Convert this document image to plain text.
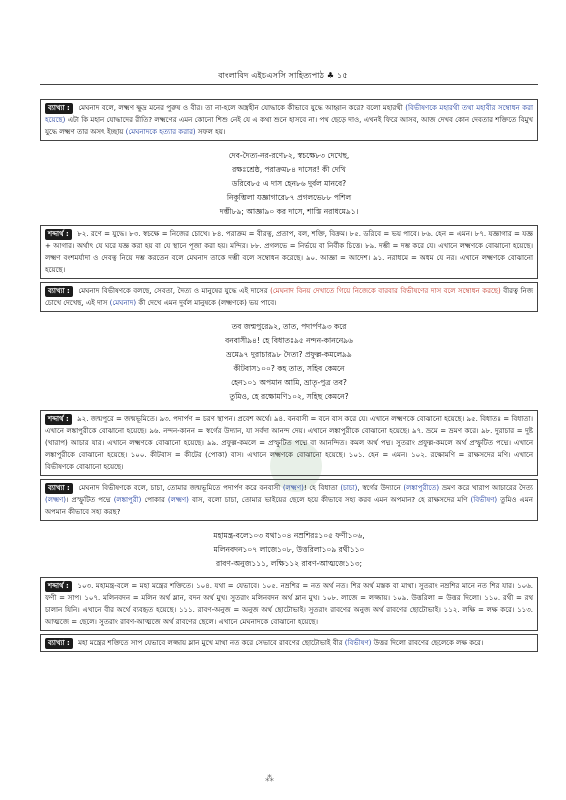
বাংলাবিদ এইচএসসি সাহিত্যপাঠ ♣ ১৫
ব্যাখ্যা : মেঘনাদ বলে, লক্ষ্মণ ক্ষুদ্র মনের পুরুষ ও বীর। তা না-হলে অস্ত্রহীন যোদ্ধাকে কীভাবে যুদ্ধে আহ্বান করে? বলো মহারথী (বিভীষণকে মহারথী তথা মহাবীর সম্বোধন করা হয়েছে) এটা কি মহান যোদ্ধাদের রীতি? লক্ষ্মণের এমন কোনো শিশু নেই যে এ কথা শুনে হাসবে না। পথ ছেড়ে দাও, এখনই ফিরে আসব, আজ দেখব কোন দেবতার শক্তিতে বিমুখ যুদ্ধে লক্ষ্মণ তার অসৎ ইচ্ছায় (মেঘনাদকে হত্যার করার) সফল হয়।
দেব-দৈত্য-নর-রণে৮২, স্বচক্ষে৮৩ দেখেছ,
রক্ষঃশ্রেষ্ঠ, পরাক্রম৮৪ দাসের! কী দেখি
ডরিবে৮৫ এ দাস হেন৮৬ দুর্বল মানবে?
নিকুম্ভিলা যজ্ঞাগারে৮৭ প্রগলভে৮৮ পশিল
দম্ভী৮৯; আজ্ঞা৯০ কর দাসে, শাস্তি নরাধমে৯১।
শব্দার্থ : ৮২. রণে = যুদ্ধে। ৮৩. স্বচক্ষে = নিজের চোখে। ৮৪. পরাক্রম = বীরত্ব, প্রতাপ, বল, শক্তি, বিক্রম। ৮৫. ডরিবে = ভয় পাবে। ৮৬. হেন = এমন। ৮৭. যজ্ঞাগার = যজ্ঞ + আগার। অর্থাৎ যে ঘরে যজ্ঞ করা হয় বা যে স্থানে পূজা করা হয়। মন্দির। ৮৮. প্রগলভে = নির্ভয়ে বা নির্বীক চিত্তে। ৮৯. দম্ভী = দম্ভ করে যে। এখানে লক্ষ্মণকে বোঝানো হয়েছে। লক্ষ্মণ বংশমর্যাদা ও দেবত্ব নিয়ে দম্ভ করতেন বলে মেঘনাদ তাকে দম্ভী বলে সম্বোধন করেছে। ৯০. আজ্ঞা = আদেশ। ৯১. নরাধমে = অধম যে নর। এখানে লক্ষ্মণকে বোঝানো হয়েছে।
ব্যাখ্যা : মেঘনাদ বিভীষণকে বলছে, সেবতা, দৈত্য ও মানুষের যুদ্ধে এই দাসের (মেঘনাদ বিনয় দেখাতে গিয়ে নিজেকে বারবার বিভীষণের দাস বলে সম্বোধন করছে) বীরত্ব নিজ চোখে দেখেছ, এই দাস (মেঘনাদ) কী দেখে এমন দুর্বল মানুষকে (লক্ষ্মণকে) ভয় পাবে।
তব জন্মপুরে৯২, তাত, পদার্পণ৯৩ করে
বনবাসী৯৪! হে বিধাতঃ৯৫ নন্দন-কাননে৯৬
ভ্রমে৯৭ দুরাচার৯৮ দৈত্য? প্রফুল্ল-কমলে৯৯
কীটবাস১০০? কহ তাত, সহিব কেমনে
হেন১০১ অপমান আমি, ভ্রাতৃ-পুত্র তব?
তুমিও, হে রক্ষোমণি১০২, সহিছ কেমনে?
শব্দার্থ : ৯২. জন্মপুরে = জন্মভূমিতে। ৯৩. পদার্পণ = চরণ স্থাপন। প্রবেশ অর্থে। ৯৪. বনবাসী = বনে বাস করে যে। এখানে লক্ষ্মণকে বোঝানো হয়েছে। ৯৫. বিধাতঃ = বিধাতা। এখানে লঙ্কাপুরীকে বোঝানো হয়েছে। ৯৬. নন্দন-কানন = স্বর্গের উদ্যান, যা সর্বদা আনন্দ দেয়। এখানে লঙ্কাপুরীকে বোঝানো হয়েছে। ৯৭. ভ্রমে = ভ্রমণ করে। ৯৮. দুরাচার = দুষ্ট (খারাপ) আচার যার। এখানে লক্ষ্মণকে বোঝানো হয়েছে। ৯৯. প্রফুল্ল-কমলে = প্রস্ফুটিত পদ্মে বা আনন্দিত। কমল অর্থ পদ্ম। সুতরাং প্রফুল্ল-কমলে অর্থ প্রস্ফুটিত পদ্মে। এখানে লঙ্কাপুরীকে বোঝানো হয়েছে। ১০০. কীটবাস = কীটের (পোকা) বাস। এখানে লক্ষ্মণকে বোঝানো হয়েছে। ১০১. হেন = এমন। ১০২. রক্ষোমণি = রাক্ষসদের মণি। এখানে বিভীষণকে বোঝানো হয়েছে।
ব্যাখ্যা : মেঘনাদ বিভীষণকে বলে, চাচা, তোমার জন্মভূমিতে পদার্পণ করে বনবাসী (লক্ষ্মণ)! হে বিধাতা (চাচা), স্বর্গের উদ্যানে (লঙ্কাপুরীতে) ভ্রমণ করে খারাপ আচারের দৈত্য (লক্ষ্মণ)। প্রস্ফুটিত পদ্মে (লঙ্কাপুরী) পোকার (লক্ষ্মণ) বাস, বলো চাচা, তোমার ভাইয়ের ছেলে হয়ে কীভাবে সহ্য করব এমন অপমান? হে রাক্ষসদের মণি (বিভীষণ) তুমিও এমন অপমান কীভাবে সহ্য করছ?
মহামন্ত্র-বলে১০৩ যথা১০৪ নম্রশিরঃ১০৫ ফণী১০৬,
মলিনবদন১০৭ লাজে১০৮, উত্তরিলা১০৯ রথী১১০
রাবণ-অনুজ১১১, লক্ষি১১২ রাবণ-আত্মজে১১৩;
শব্দার্থ : ১০৩. মহামন্ত্র-বলে = মহা মন্ত্রের শক্তিতে। ১০৪. যথা = যেভাবে। ১০৫. নম্রশির = নত অর্থ নত। শির অর্থ মস্তক বা মাথা। সুতরাং নম্রশির মানে নত শির যার। ১০৬. ফণী = সাপ। ১০৭. মলিনবদন = মলিন অর্থ ম্লান, বদন অর্থ মুখ। সুতরাং মলিনবদন অর্থ ম্লান মুখ। ১০৮. লাজে = লজ্জায়। ১০৯. উত্তরিলা = উত্তর দিলো। ১১০. রথী = রথ চালান যিনি। এখানে বীর অর্থে ব্যবহৃত হয়েছে। ১১১. রাবণ-অনুজ = অনুজ অর্থ ছোটোভাই। সুতরাং রাবণের অনুজ অর্থ রাবণের ছোটোভাই। ১১২. লক্ষি = লক্ষ করে। ১১৩. আত্মজে = ছেলে। সুতরাং রাবণ-আত্মজে অর্থ রাবণের ছেলে। এখানে মেঘনাদকে বোঝানো হয়েছে।
ব্যাখ্যা : মহা মন্ত্রের শক্তিতে সাপ যেভাবে লজ্জায় ম্লান মুখে মাথা নত করে সেভাবে রাবণের ছোটোভাই বীর (বিভীষণ) উত্তর দিলো রাবণের ছেলেকে লক্ষ করে।
⁂
